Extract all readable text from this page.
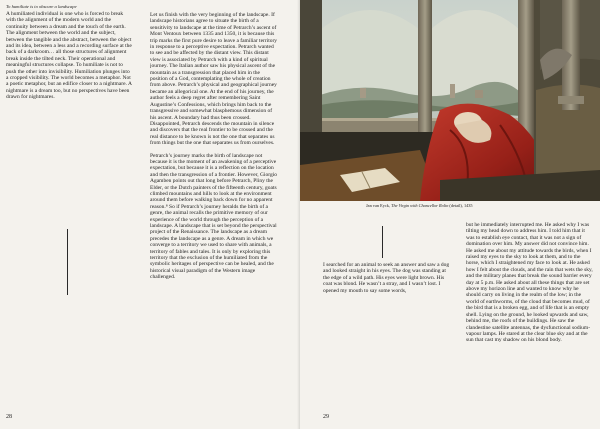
To humiliate is to obscure a landscape

A humiliated individual is one who is forced to break with the alignment of the modern world and the continuity between a dream and the touch of the earth. The alignment between the world and the subject, between the tangible and the abstract, between the object and its idea, between a less and a recording surface at the back of a darkroom… all those structures of alignment break inside the tilted neck. Their operational and meaningful structures collapse. To humiliate is not to push the other into invisibility. Humiliation plunges into a cropped visibility. The world becomes a metaphor. Not a poetic metaphor, but an edifice closer to a nightmare. A nightmare is a dream too, but no perspectives have been drawn for nightmares.

Let us finish with the very beginning of the landscape. If landscape historians agree to situate the birth of a sensitivity to landscape at the time of Petrarch’s ascent of Mont Ventoux between 1335 and 1350, it is because this trip marks the first pure desire to leave a familiar territory in response to a perceptive expectation. Petrarch wanted to see and be affected by the distant view. This distant view is associated by Petrarch with a kind of spiritual journey. The Italian author saw his physical ascent of the mountain as a transgression that placed him in the position of a God, contemplating the whole of creation from above. Petrarch’s physical and geographical journey became an allegorical one. At the end of his journey, the author feels a deep regret after remembering Saint Augustine’s Confessions, which brings him back to the transgressive and somewhat blasphemous dimension of his ascent. A boundary had thus been crossed. Disappointed, Petrarch descends the mountain in silence and discovers that the real frontier to be crossed and the real distance to be known is not the one that separates us from things but the one that separates us from ourselves.

Petrarch’s journey marks the birth of landscape not because it is the moment of an awakening of a perceptive expectation, but because it is a reflection on the location and then the transgression of a frontier. However, Giorgio Agamben points out that long before Petrarch, Pliny the Elder, or the Dutch painters of the fifteenth century, goats climbed mountains and hills to look at the environment around them before walking back down for no apparent reason.⁸ So if Petrarch’s journey heralds the birth of a genre, the animal recalls the primitive memory of our experience of the world through the perception of a landscape. A landscape that is set beyond the perspectival project of the Renaissance. The landscape as a dream precedes the landscape as a genre. A dream in which we converge to a territory we used to share with animals, a territory of fables and tales. It is only by exploring this territory that the exclusion of the humiliated from the symbolic heritages of perspective can be healed, and the historical visual paradigm of the Western image challenged.

28
Jan van Eyck, The Virgin with Chancellor Rolin (detail), 1435

I searched for an animal to seek an answer and saw a dog and looked straight in his eyes. The dog was standing at the edge of a wild path. His eyes were light brown. His coat was blond. He wasn’t a stray, and I wasn’t lost. I opened my mouth to say some words,

but he immediately interrupted me. He asked why I was tilting my head down to address him. I told him that it was to establish eye contact, that it was not a sign of domination over him. My answer did not convince him. He asked me about my attitude towards the birds, when I raised my eyes to the sky to look at them, and to the horse, which I straightened my face to look at. He asked how I felt about the clouds, and the rain that wets the sky, and the military planes that break the sound barrier every day at 5 p.m. He asked about all these things that are set above my horizon line and wanted to know why he should carry on living in the realm of the low; in the world of earthworms, of the cloud that becomes mud, of the bird that is a broken egg, and of life that is an empty shell. Lying on the ground, he looked upwards and saw, behind me, the roofs of the buildings. He saw the clandestine satellite antennas, the dysfunctional sodium-vapour lamps. He stared at the clear blue sky and at the sun that cast my shadow on his blond body.

29
